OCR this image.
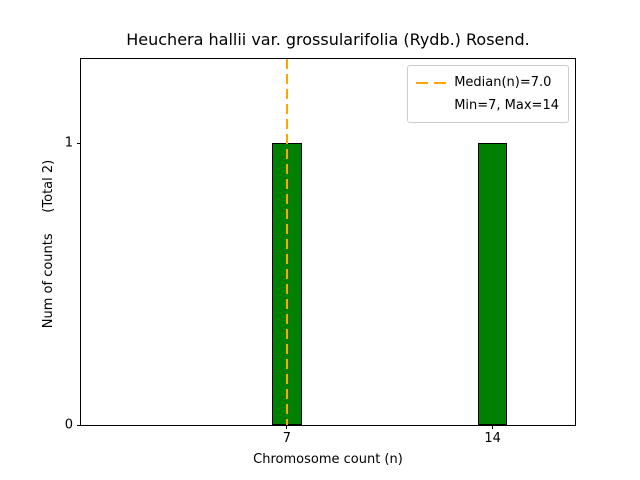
Heuchera hallii var. grossularifolia (Rydb.) Rosend.
Num of counts     (Total 2)
7	14
0
1
Median(n)=7.0
Min=7, Max=14
Chromosome count (n)
